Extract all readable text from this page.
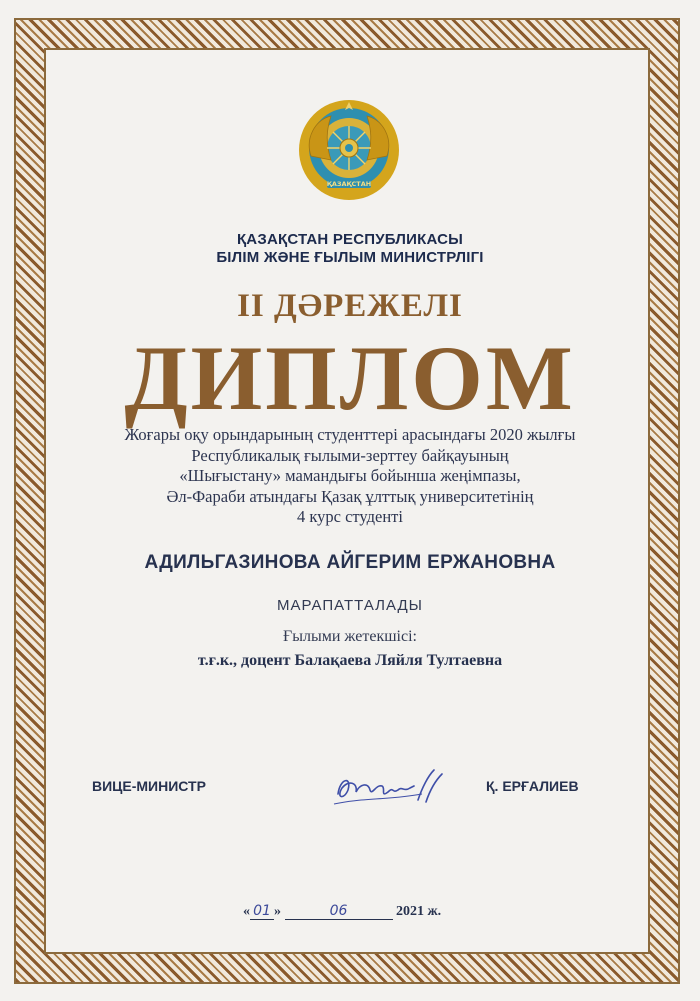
ҚАЗАҚСТАН
ҚАЗАҚСТАН РЕСПУБЛИКАСЫ
БІЛІМ ЖӘНЕ ҒЫЛЫМ МИНИСТРЛІГІ
II ДӘРЕЖЕЛІ
ДИПЛОМ
Жоғары оқу орындарының студенттері арасындағы 2020 жылғы
Республикалық ғылыми-зерттеу байқауының
«Шығыстану» мамандығы бойынша жеңімпазы,
Әл-Фараби атындағы Қазақ ұлттық университетінің
4 курс студенті
АДИЛЬГАЗИНОВА АЙГЕРИМ ЕРЖАНОВНА
МАРАПАТТАЛАДЫ
Ғылыми жетекшісі:
т.ғ.к., доцент Балақаева Ляйля Тултаевна
ВИЦЕ-МИНИСТР	Қ. ЕРҒАЛИЕВ
« 01 »	06	2021 ж.
